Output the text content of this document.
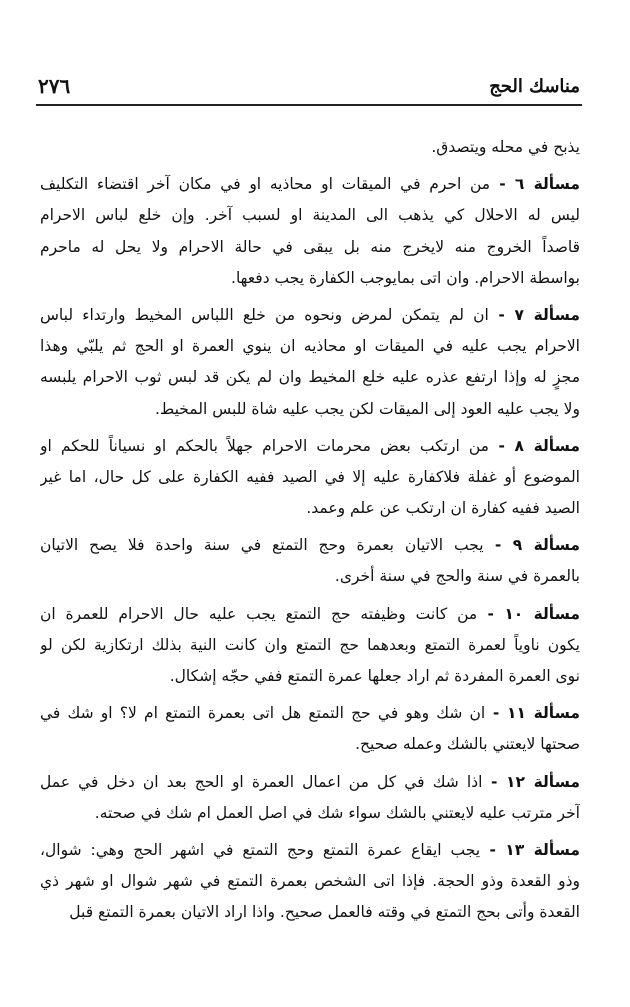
مناسك الحج
٢٧٦
يذبح في محله ويتصدق.
مسألة ٦ - من احرم في الميقات او محاذيه او في مكان آخر اقتضاء التكليف
ليس له الاحلال كي يذهب الى المدينة او لسبب آخر. وإن خلع لباس الاحرام
قاصداً الخروج منه لايخرج منه بل يبقى في حالة الاحرام ولا يحل له ماحرم
بواسطة الاحرام. وان اتى بمايوجب الكفارة يجب دفعها.
مسألة ٧ - ان لم يتمكن لمرض ونحوه من خلع اللباس المخيط وارتداء لباس
الاحرام يجب عليه في الميقات او محاذيه ان ينوي العمرة او الحج ثم يلبّي وهذا
مجزٍ له وإذا ارتفع عذره عليه خلع المخيط وان لم يكن قد لبس ثوب الاحرام يلبسه
ولا يجب عليه العود إلى الميقات لكن يجب عليه شاة للبس المخيط.
مسألة ٨ - من ارتكب بعض محرمات الاحرام جهلاً بالحكم او نسياناً للحكم او
الموضوع أو غفلة فلاكفارة عليه إلا في الصيد ففيه الكفارة على كل حال، اما غير
الصيد ففيه كفارة ان ارتكب عن علم وعمد.
مسألة ٩ - يجب الاتيان بعمرة وحج التمتع في سنة واحدة فلا يصح الاتيان
بالعمرة في سنة والحج في سنة أخرى.
مسألة ١٠ - من كانت وظيفته حج التمتع يجب عليه حال الاحرام للعمرة ان
يكون ناوياً لعمرة التمتع وبعدهما حج التمتع وان كانت النية بذلك ارتكازية لكن لو
نوى العمرة المفردة ثم اراد جعلها عمرة التمتع ففي حجّه إشكال.
مسألة ١١ - ان شك وهو في حج التمتع هل اتى بعمرة التمتع ام لا؟ او شك في
صحتها لايعتني بالشك وعمله صحيح.
مسألة ١٢ - اذا شك في كل من اعمال العمرة او الحج بعد ان دخل في عمل
آخر مترتب عليه لايعتني بالشك سواء شك في اصل العمل ام شك في صحته.
مسألة ١٣ - يجب ايقاع عمرة التمتع وحج التمتع في اشهر الحج وهي: شوال،
وذو القعدة وذو الحجة. فإذا اتى الشخص بعمرة التمتع في شهر شوال او شهر ذي
القعدة وأتى بحج التمتع في وقته فالعمل صحيح. واذا اراد الاتيان بعمرة التمتع قبل
